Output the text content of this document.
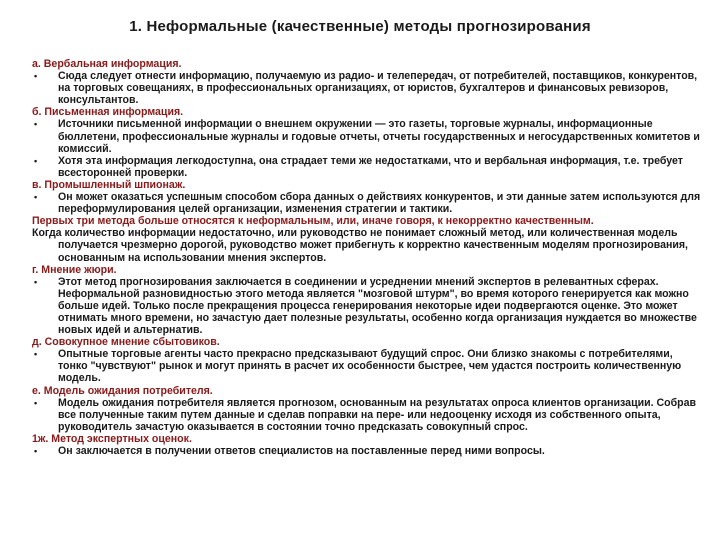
1. Неформальные (качественные) методы прогнозирования
а. Вербальная информация.
• Сюда следует отнести информацию, получаемую из радио- и телепередач, от потребителей, поставщиков, конкурентов, на торговых совещаниях, в профессиональных организациях, от юристов, бухгалтеров и финансовых ревизоров, консультантов.
б. Письменная информация.
• Источники письменной информации о внешнем окружении — это газеты, торговые журналы, информационные бюллетени, профессиональные журналы и годовые отчеты, отчеты государственных и негосударственных комитетов и комиссий.
• Хотя эта информация легкодоступна, она страдает теми же недостатками, что и вербальная информация, т.е. требует всесторонней проверки.
в. Промышленный шпионаж.
• Он может оказаться успешным способом сбора данных о действиях конкурентов, и эти данные затем используются для переформулирования целей организации, изменения стратегии и тактики.
Первых три метода больше относятся к неформальным, или, иначе говоря, к некорректно качественным.
Когда количество информации недостаточно, или руководство не понимает сложный метод, или количественная модель получается чрезмерно дорогой, руководство может прибегнуть к корректно качественным моделям прогнозирования, основанным на использовании мнения экспертов.
г. Мнение жюри.
• Этот метод прогнозирования заключается в соединении и усреднении мнений экспертов в релевантных сферах. Неформальной разновидностью этого метода является "мозговой штурм", во время которого генерируется как можно больше идей. Только после прекращения процесса генерирования некоторые идеи подвергаются оценке. Это может отнимать много времени, но зачастую дает полезные результаты, особенно когда организация нуждается во множестве новых идей и альтернатив.
д. Совокупное мнение сбытовиков.
• Опытные торговые агенты часто прекрасно предсказывают будущий спрос. Они близко знакомы с потребителями, тонко "чувствуют" рынок и могут принять в расчет их особенности быстрее, чем удастся построить количественную модель.
е. Модель ожидания потребителя.
• Модель ожидания потребителя является прогнозом, основанным на результатах опроса клиентов организации. Собрав все полученные таким путем данные и сделав поправки на пере- или недооценку исходя из собственного опыта, руководитель зачастую оказывается в состоянии точно предсказать совокупный спрос.
1ж. Метод экспертных оценок.
• Он заключается в получении ответов специалистов на поставленные перед ними вопросы.
